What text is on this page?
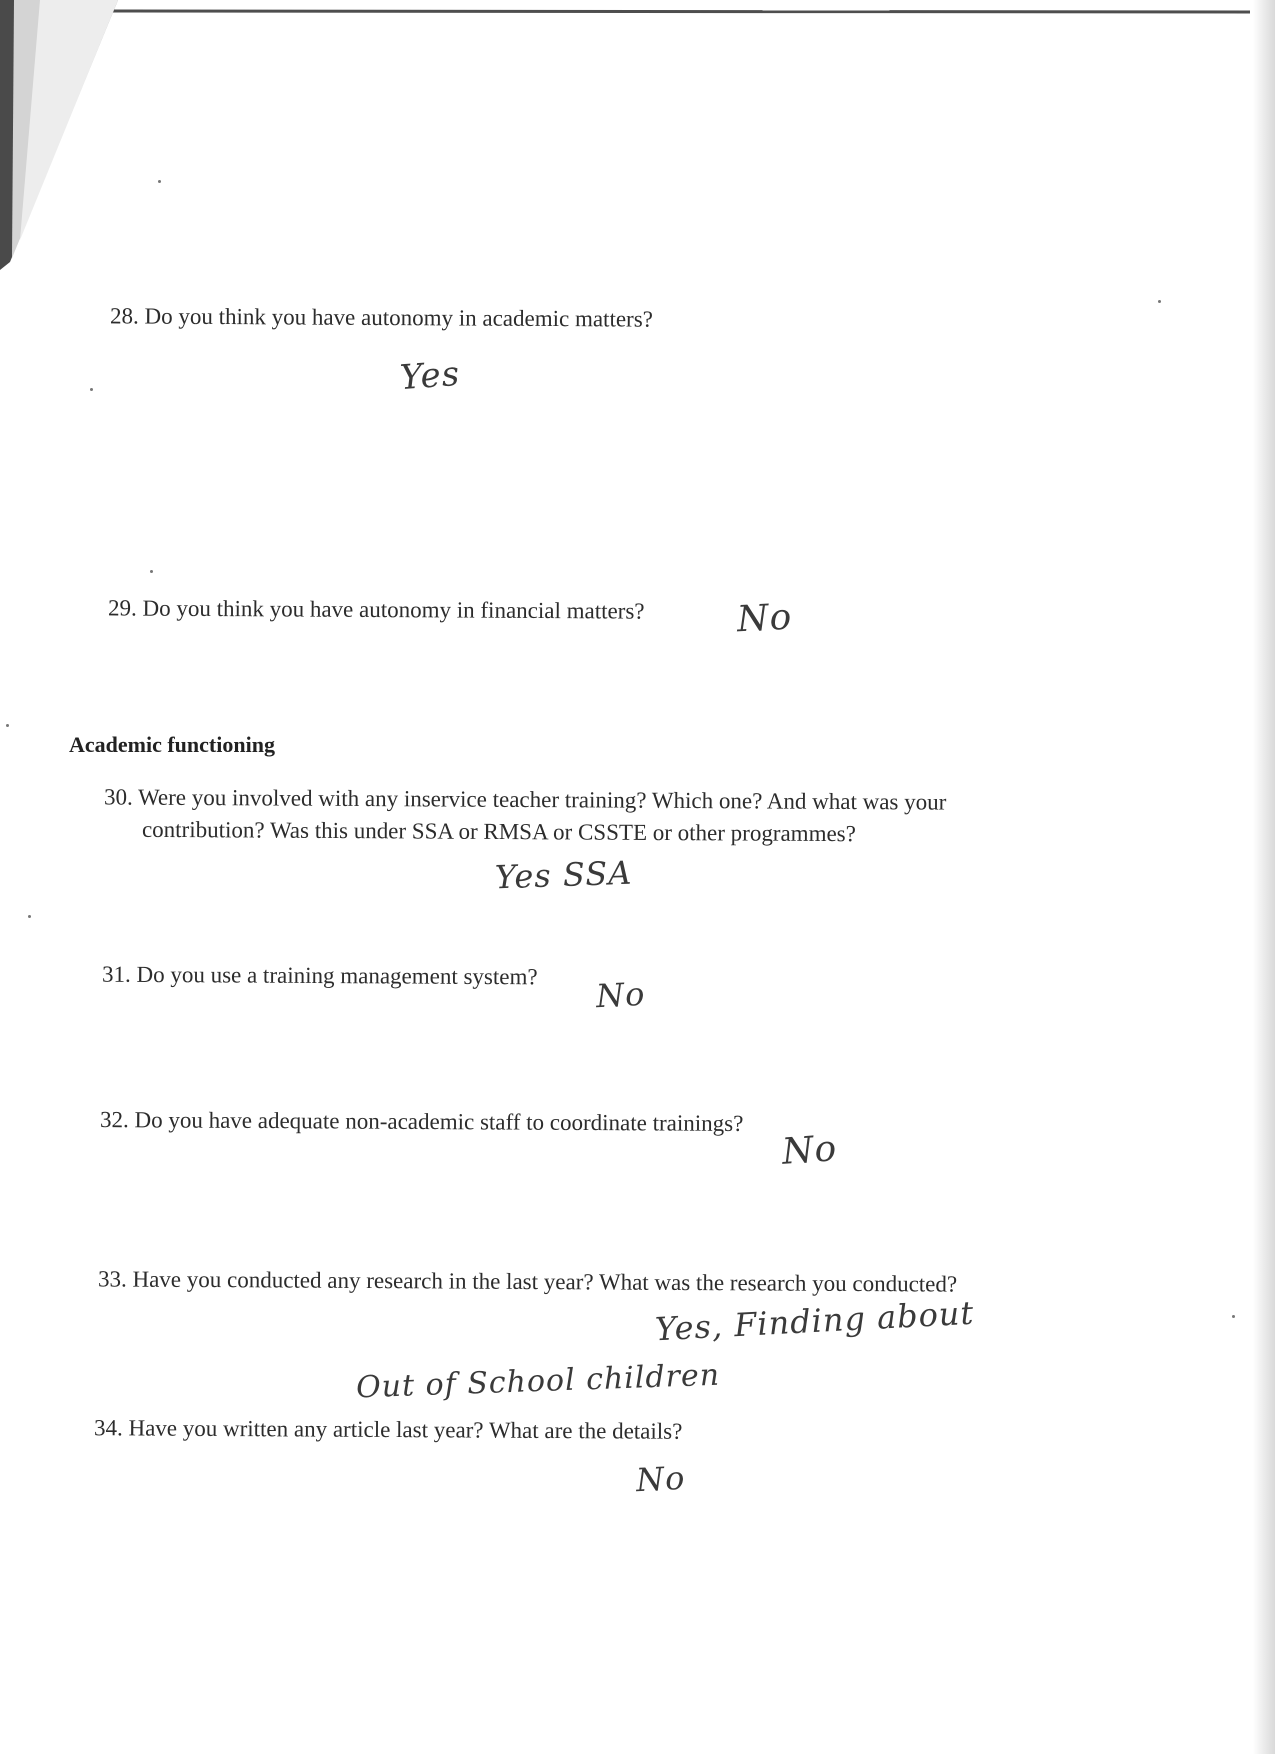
28. Do you think you have autonomy in academic matters?
Yes
29. Do you think you have autonomy in financial matters?	No
Academic functioning
30. Were you involved with any inservice teacher training? Which one? And what was your
contribution? Was this under SSA or RMSA or CSSTE or other programmes?
Yes SSA
31. Do you use a training management system? No
32. Do you have adequate non-academic staff to coordinate trainings?
No
33. Have you conducted any research in the last year? What was the research you conducted?
Yes, Finding about
Out of School children
34. Have you written any article last year? What are the details?
No
